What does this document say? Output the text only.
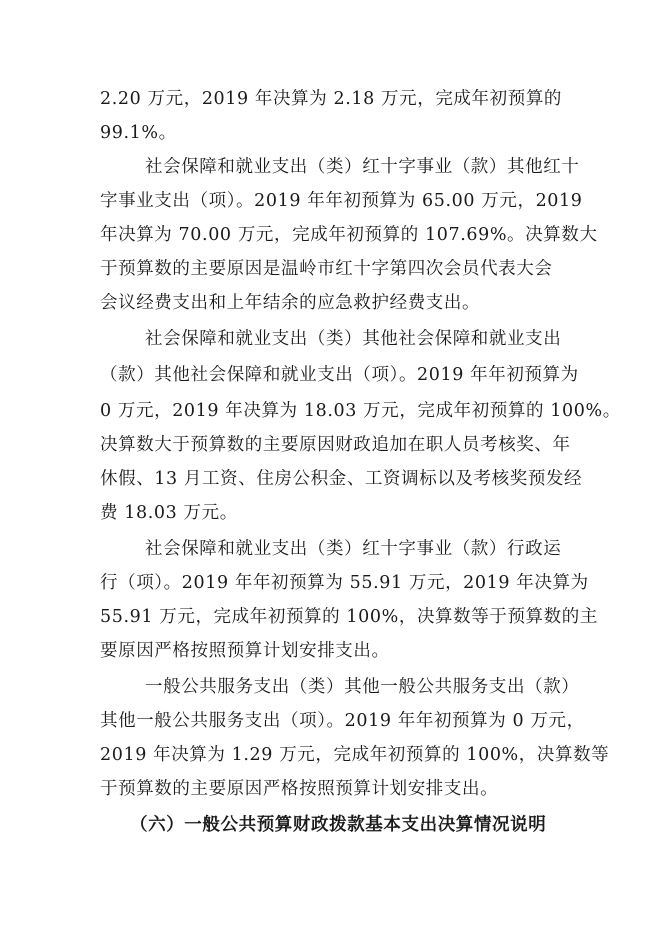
2.20 万元，2019 年决算为 2.18 万元，完成年初预算的
99.1%。
社会保障和就业支出（类）红十字事业（款）其他红十
字事业支出（项）。2019 年年初预算为 65.00 万元，2019
年决算为 70.00 万元，完成年初预算的 107.69%。决算数大
于预算数的主要原因是温岭市红十字第四次会员代表大会
会议经费支出和上年结余的应急救护经费支出。
社会保障和就业支出（类）其他社会保障和就业支出
（款）其他社会保障和就业支出（项）。2019 年年初预算为
0 万元，2019 年决算为 18.03 万元，完成年初预算的 100%。
决算数大于预算数的主要原因财政追加在职人员考核奖、年
休假、13 月工资、住房公积金、工资调标以及考核奖预发经
费 18.03 万元。
社会保障和就业支出（类）红十字事业（款）行政运
行（项）。2019 年年初预算为 55.91 万元，2019 年决算为
55.91 万元，完成年初预算的 100%，决算数等于预算数的主
要原因严格按照预算计划安排支出。
一般公共服务支出（类）其他一般公共服务支出（款）
其他一般公共服务支出（项）。2019 年年初预算为 0 万元，
2019 年决算为 1.29 万元，完成年初预算的 100%，决算数等
于预算数的主要原因严格按照预算计划安排支出。
（六）一般公共预算财政拨款基本支出决算情况说明
